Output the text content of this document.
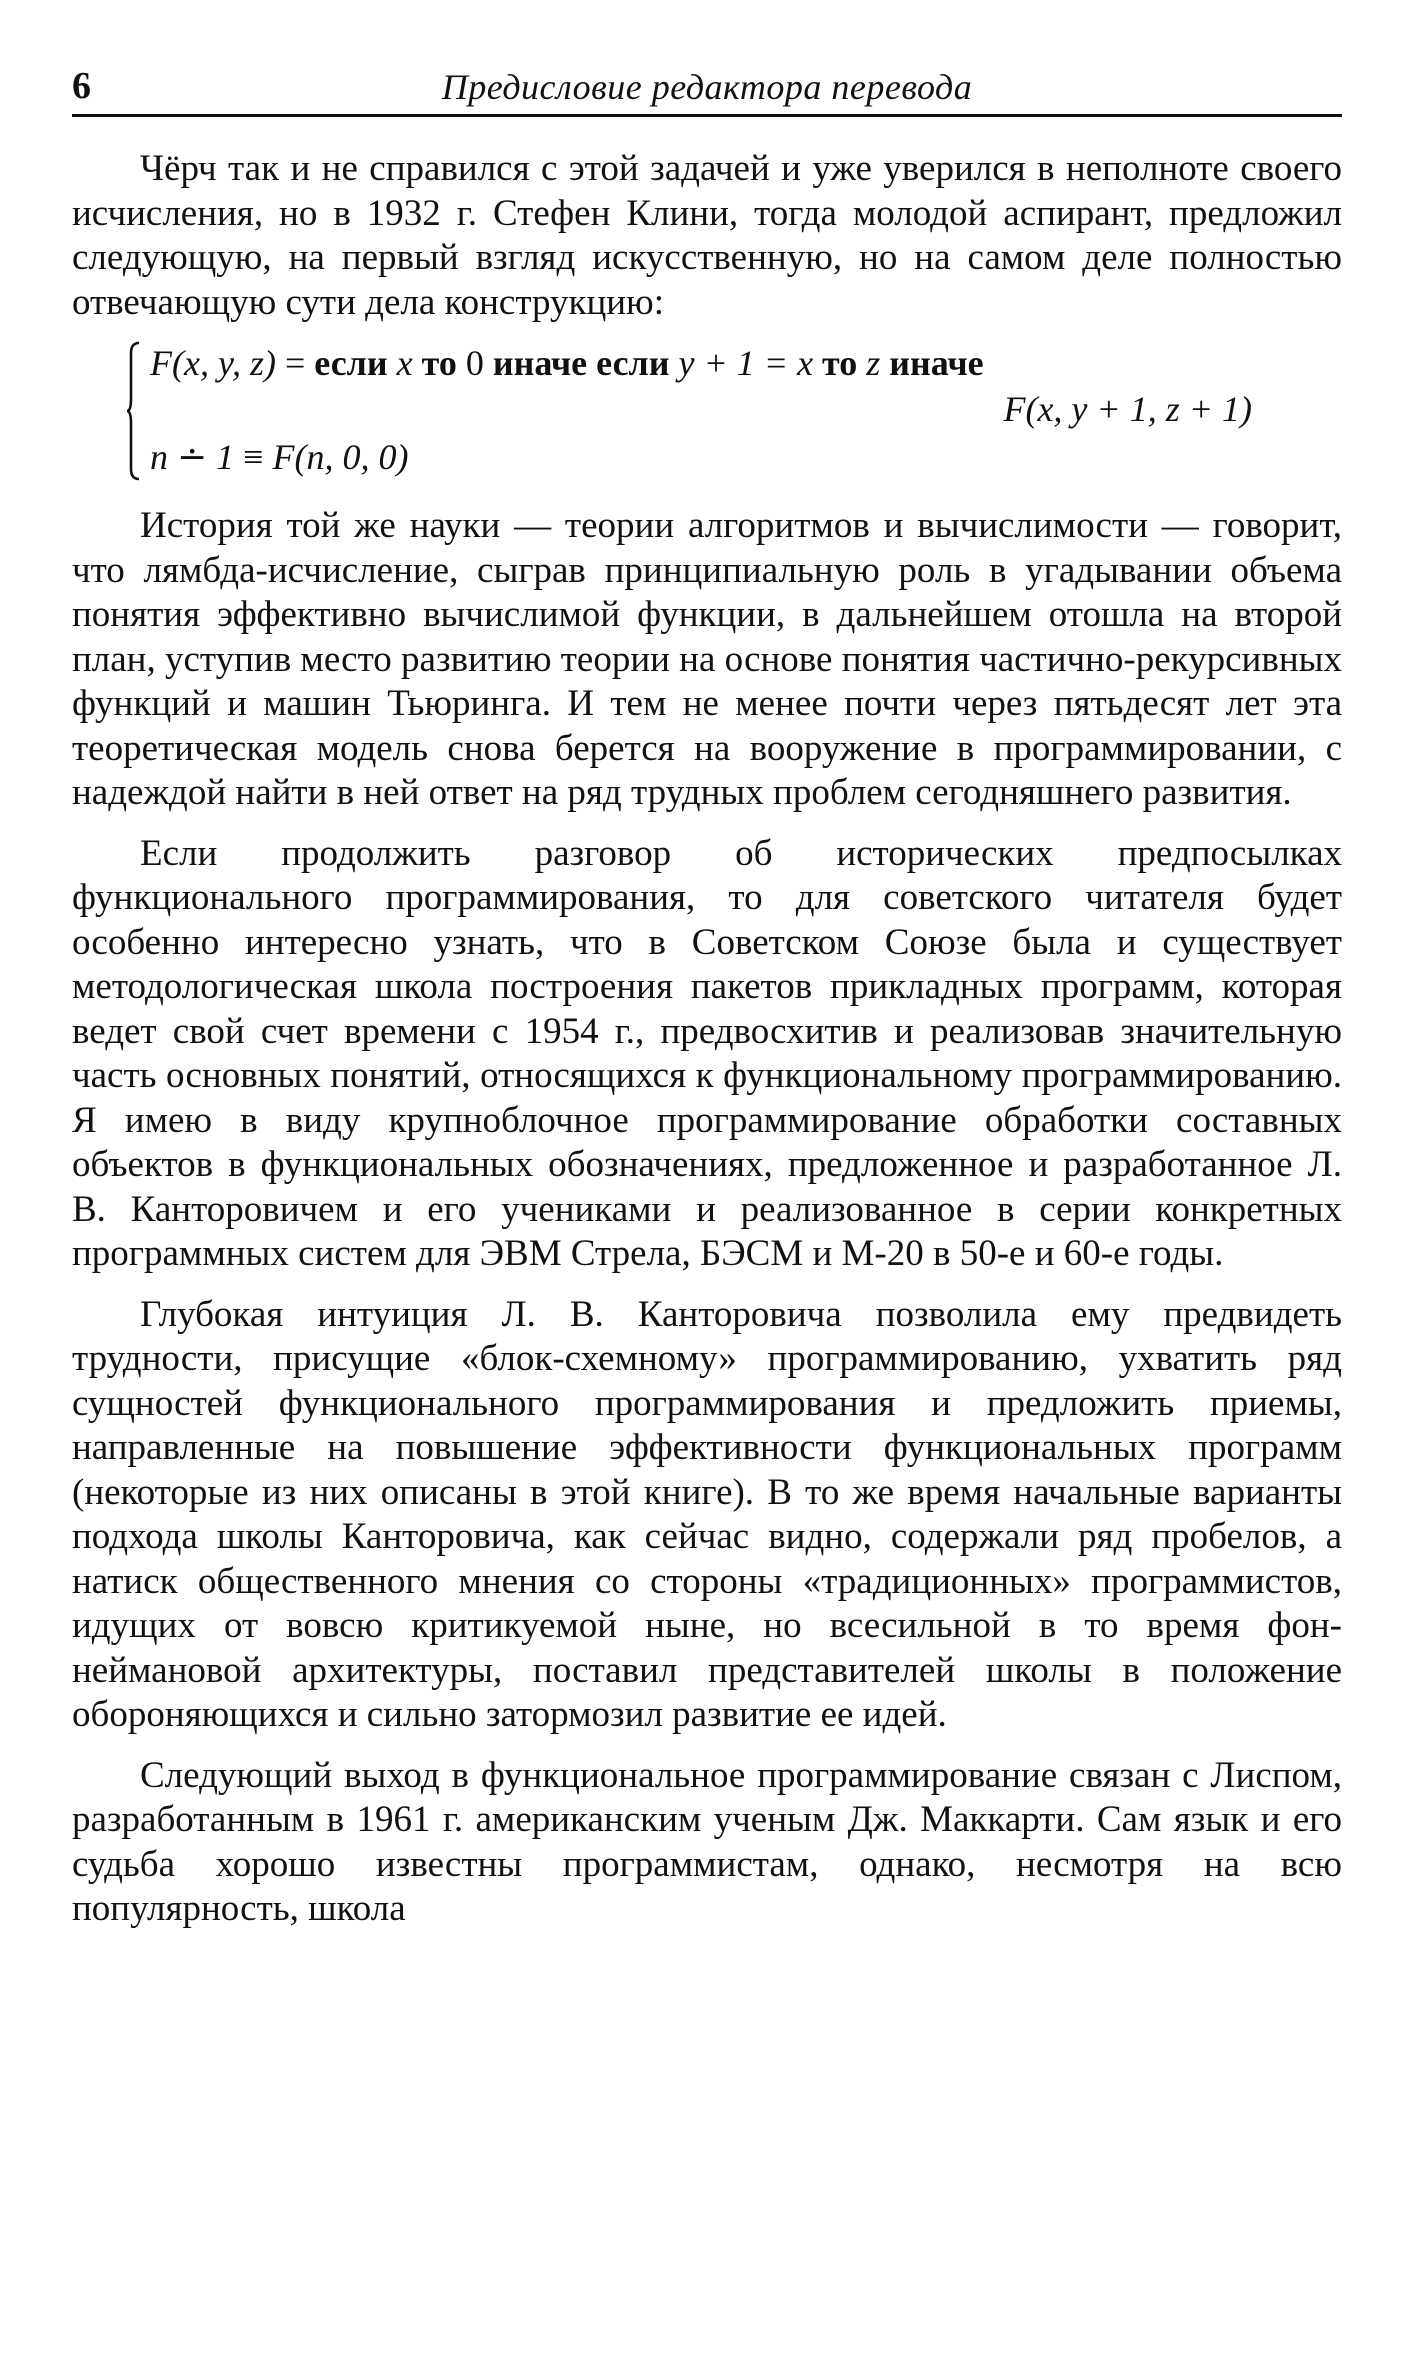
6	Предисловие редактора перевода

Чёрч так и не справился с этой задачей и уже уверился в неполноте своего исчисления, но в 1932 г. Стефен Клини, тогда молодой аспирант, предложил следующую, на первый взгляд искусственную, но на самом деле полностью отвечающую сути дела конструкцию:

F(x, y, z) = если x то 0 иначе если y + 1 = x то z иначе
F(x, y + 1, z + 1)
n ∸ 1 ≡ F(n, 0, 0)

История той же науки — теории алгоритмов и вычислимости — говорит, что лямбда-исчисление, сыграв принципиальную роль в угадывании объема понятия эффективно вычислимой функции, в дальнейшем отошла на второй план, уступив место развитию теории на основе понятия частично-рекурсивных функций и машин Тьюринга. И тем не менее почти через пятьдесят лет эта теоретическая модель снова берется на вооружение в программировании, с надеждой найти в ней ответ на ряд трудных проблем сегодняшнего развития.

Если продолжить разговор об исторических предпосылках функционального программирования, то для советского читателя будет особенно интересно узнать, что в Советском Союзе была и существует методологическая школа построения пакетов прикладных программ, которая ведет свой счет времени с 1954 г., предвосхитив и реализовав значительную часть основных понятий, относящихся к функциональному программированию. Я имею в виду крупноблочное программирование обработки составных объектов в функциональных обозначениях, предложенное и разработанное Л. В. Канторовичем и его учениками и реализованное в серии конкретных программных систем для ЭВМ Стрела, БЭСМ и М-20 в 50-е и 60-е годы.

Глубокая интуиция Л. В. Канторовича позволила ему предвидеть трудности, присущие «блок-схемному» программированию, ухватить ряд сущностей функционального программирования и предложить приемы, направленные на повышение эффективности функциональных программ (некоторые из них описаны в этой книге). В то же время начальные варианты подхода школы Канторовича, как сейчас видно, содержали ряд пробелов, а натиск общественного мнения со стороны «традиционных» программистов, идущих от вовсю критикуемой ныне, но всесильной в то время фон-неймановой архитектуры, поставил представителей школы в положение обороняющихся и сильно затормозил развитие ее идей.

Следующий выход в функциональное программирование связан с Лиспом, разработанным в 1961 г. американским ученым Дж. Маккарти. Сам язык и его судьба хорошо известны программистам, однако, несмотря на всю популярность, школа
